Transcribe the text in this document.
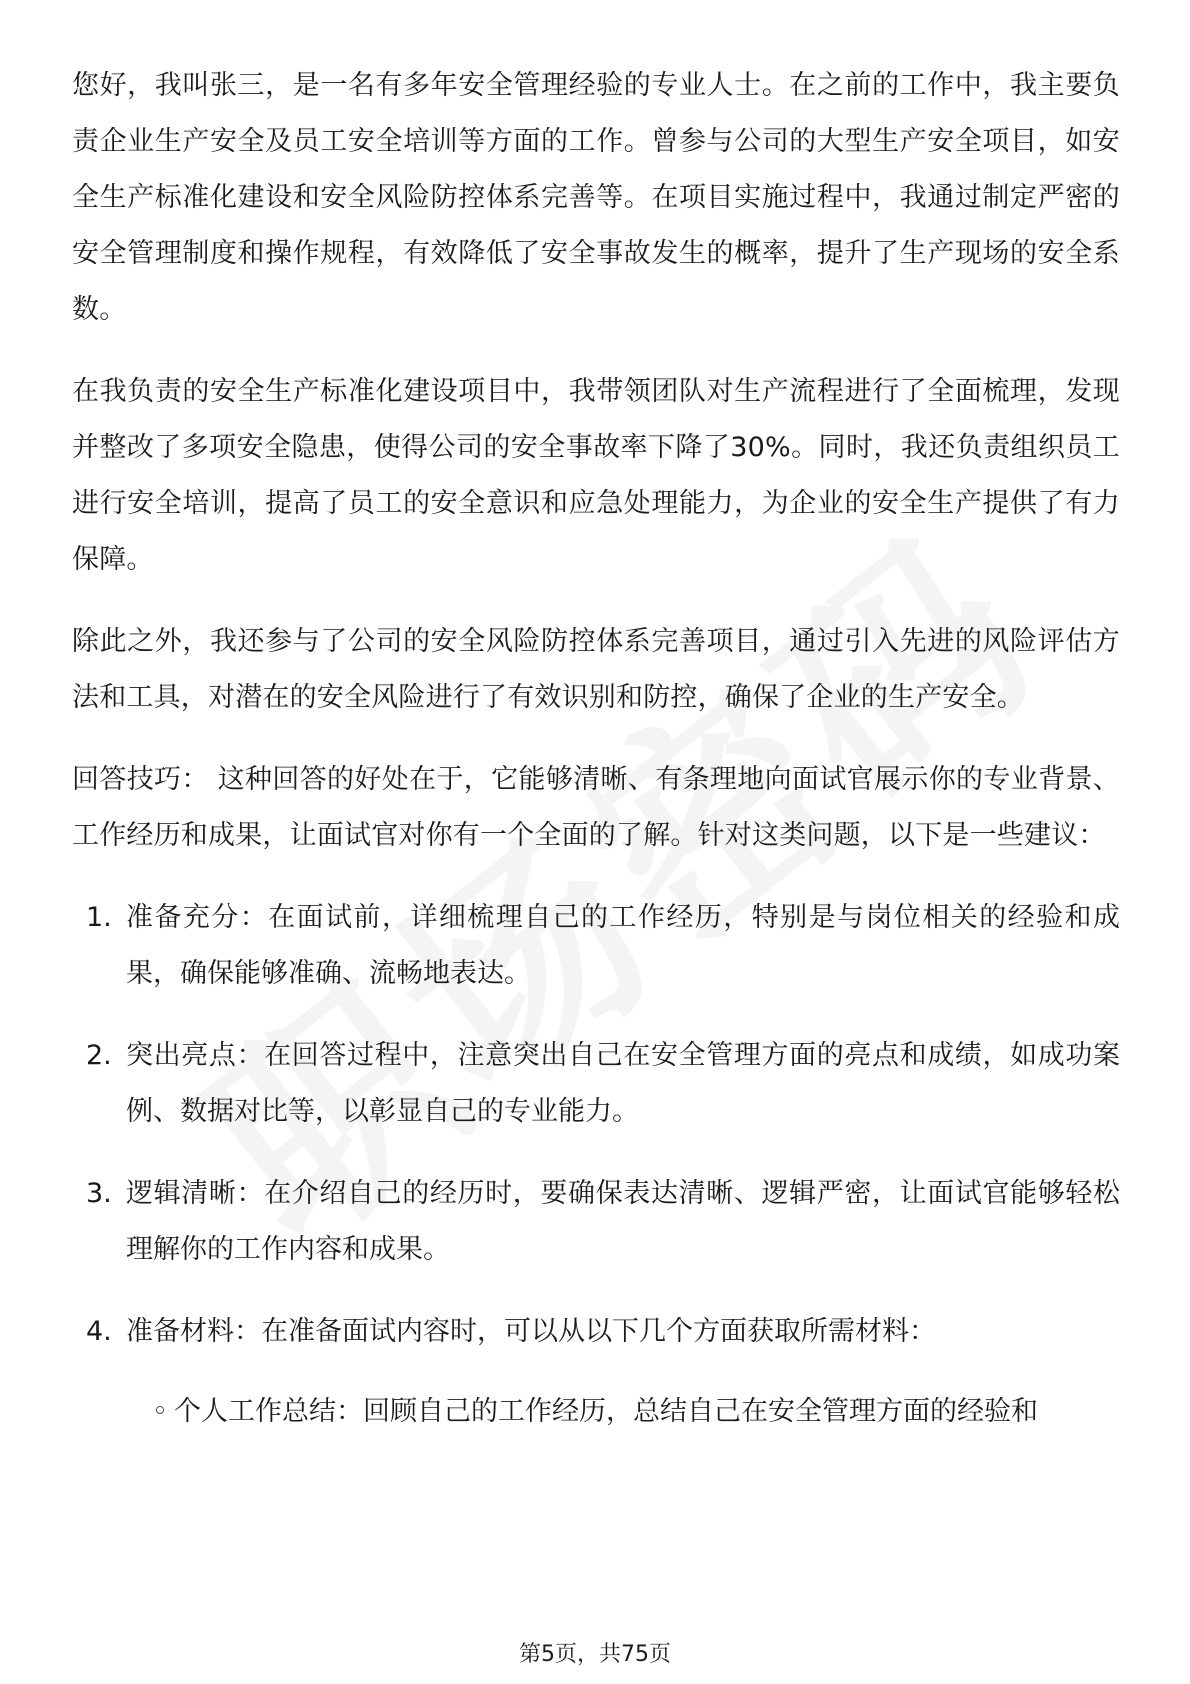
您好，我叫张三，是一名有多年安全管理经验的专业人士。在之前的工作中，我主要负责企业生产安全及员工安全培训等方面的工作。曾参与公司的大型生产安全项目，如安全生产标准化建设和安全风险防控体系完善等。在项目实施过程中，我通过制定严密的安全管理制度和操作规程，有效降低了安全事故发生的概率，提升了生产现场的安全系数。

在我负责的安全生产标准化建设项目中，我带领团队对生产流程进行了全面梳理，发现并整改了多项安全隐患，使得公司的安全事故率下降了30%。同时，我还负责组织员工进行安全培训，提高了员工的安全意识和应急处理能力，为企业的安全生产提供了有力保障。

除此之外，我还参与了公司的安全风险防控体系完善项目，通过引入先进的风险评估方法和工具，对潜在的安全风险进行了有效识别和防控，确保了企业的生产安全。

回答技巧： 这种回答的好处在于，它能够清晰、有条理地向面试官展示你的专业背景、工作经历和成果，让面试官对你有一个全面的了解。针对这类问题，以下是一些建议：

1. 准备充分：在面试前，详细梳理自己的工作经历，特别是与岗位相关的经验和成果，确保能够准确、流畅地表达。
2. 突出亮点：在回答过程中，注意突出自己在安全管理方面的亮点和成绩，如成功案例、数据对比等，以彰显自己的专业能力。
3. 逻辑清晰：在介绍自己的经历时，要确保表达清晰、逻辑严密，让面试官能够轻松理解你的工作内容和成果。
4. 准备材料：在准备面试内容时，可以从以下几个方面获取所需材料：
◦ 个人工作总结：回顾自己的工作经历，总结自己在安全管理方面的经验和
第5页，共75页
